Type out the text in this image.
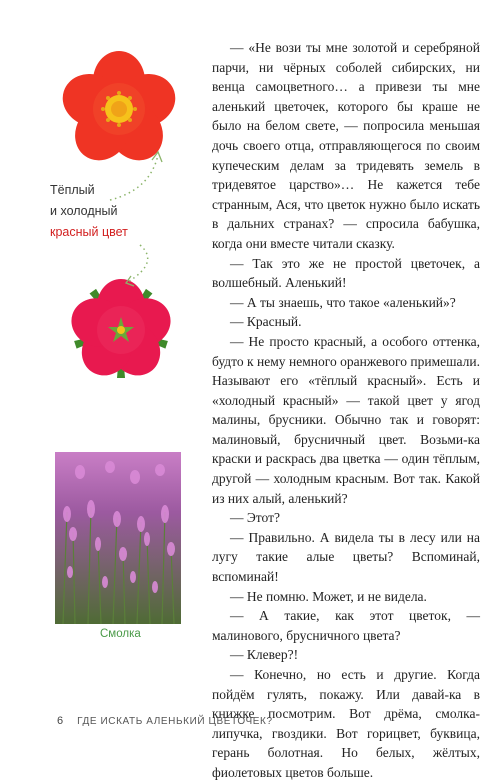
Тёплый
и холодный
красный цвет
Смолка

— «Не вози ты мне золотой и серебряной парчи, ни чёрных соболей сибирских, ни венца самоцветного… а привези ты мне аленький цветочек, которого бы краше не было на белом свете, — попросила меньшая дочь своего отца, отправляющегося по своим купеческим делам за тридевять земель в тридевятое царство»… Не кажется тебе странным, Ася, что цветок нужно было искать в дальних странах? — спросила бабушка, когда они вместе читали сказку.

— Так это же не простой цветочек, а волшебный. Аленький!

— А ты знаешь, что такое «аленький»?

— Красный.

— Не просто красный, а особого оттенка, будто к нему немного оранжевого примешали. Называют его «тёплый красный». Есть и «холодный красный» — такой цвет у ягод малины, брусники. Обычно так и говорят: малиновый, брусничный цвет. Возьми-ка краски и раскрась два цветка — один тёплым, другой — холодным красным. Вот так. Какой из них алый, аленький?

— Этот?

— Правильно. А видела ты в лесу или на лугу такие алые цветы? Вспоминай, вспоминай!

— Не помню. Может, и не видела.

— А такие, как этот цветок, — малинового, брусничного цвета?

— Клевер?!

— Конечно, но есть и другие. Когда пойдём гулять, покажу. Или давай-ка в книжке посмотрим. Вот дрёма, смолка-липучка, гвоздики. Вот горицвет, буквица, герань болотная. Но белых, жёлтых, фиолетовых цветов больше.

6 ГДЕ ИСКАТЬ АЛЕНЬКИЙ ЦВЕТОЧЕК?
